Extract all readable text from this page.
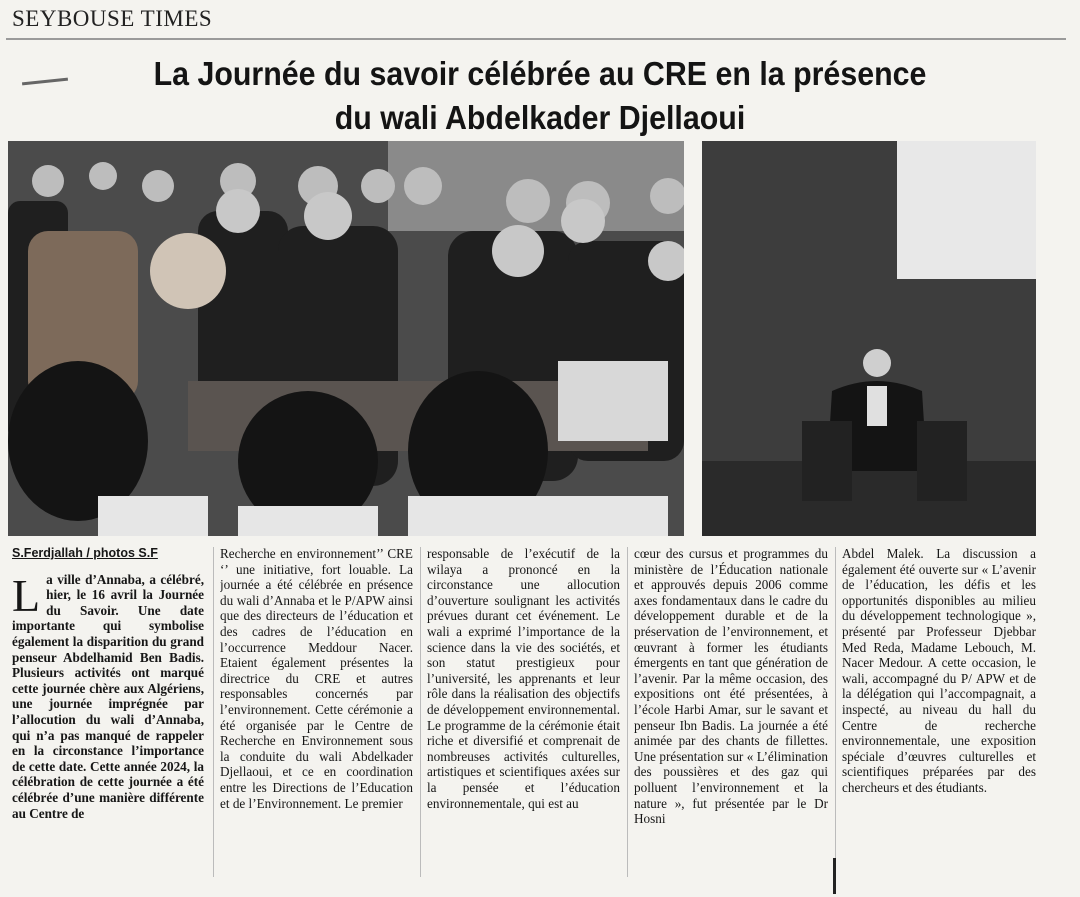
SEYBOUSE TIMES
La Journée du savoir célébrée au CRE en la présence
du wali Abdelkader Djellaoui
S.Ferdjallah / photos S.F
L a ville d’Annaba, a célébré, hier, le 16 avril la Journée du Savoir. Une date importante qui symbolise également la disparition du grand penseur Abdelhamid Ben Badis. Plusieurs activités ont marqué cette journée chère aux Algériens, une journée imprégnée par l’allocution du wali d’Annaba, qui n’a pas manqué de rappeler en la circonstance l’importance de cette date. Cette année 2024, la célébration de cette journée a été célébrée d’une manière différente au Centre de

Recherche en environnement’’ CRE ‘’ une initiative, fort louable. La journée a été célébrée en présence du wali d’Annaba et le P/APW ainsi que des directeurs de l’éducation et des cadres de l’éducation en l’occurrence Meddour Nacer. Etaient également présentes la directrice du CRE et autres responsables concernés par l’environnement. Cette cérémonie a été organisée par le Centre de Recherche en Environnement sous la conduite du wali Abdelkader Djellaoui, et ce en coordination entre les Directions de l’Education et de l’Environnement. Le premier

responsable de l’exécutif de la wilaya a prononcé en la circonstance une allocution d’ouverture soulignant les activités prévues durant cet événement. Le wali a exprimé l’importance de la science dans la vie des sociétés, et son statut prestigieux pour l’université, les apprenants et leur rôle dans la réalisation des objectifs de développement environnemental. Le programme de la cérémonie était riche et diversifié et comprenait de nombreuses activités culturelles, artistiques et scientifiques axées sur la pensée et l’éducation environnementale, qui est au

cœur des cursus et programmes du ministère de l’Éducation nationale et approuvés depuis 2006 comme axes fondamentaux dans le cadre du développement durable et de la préservation de l’environnement, et œuvrant à former les étudiants émergents en tant que génération de l’avenir. Par la même occasion, des expositions ont été présentées, à l’école Harbi Amar, sur le savant et penseur Ibn Badis. La journée a été animée par des chants de fillettes. Une présentation sur « L’élimination des poussières et des gaz qui polluent l’environnement et la nature », fut présentée par le Dr Hosni

Abdel Malek. La discussion a également été ouverte sur « L’avenir de l’éducation, les défis et les opportunités disponibles au milieu du développement technologique », présenté par Professeur Djebbar Med Reda, Madame Lebouch, M. Nacer Medour. A cette occasion, le wali, accompagné du P/ APW et de la délégation qui l’accompagnait, a inspecté, au niveau du hall du Centre de recherche environnementale, une exposition spéciale d’œuvres culturelles et scientifiques préparées par des chercheurs et des étudiants.
